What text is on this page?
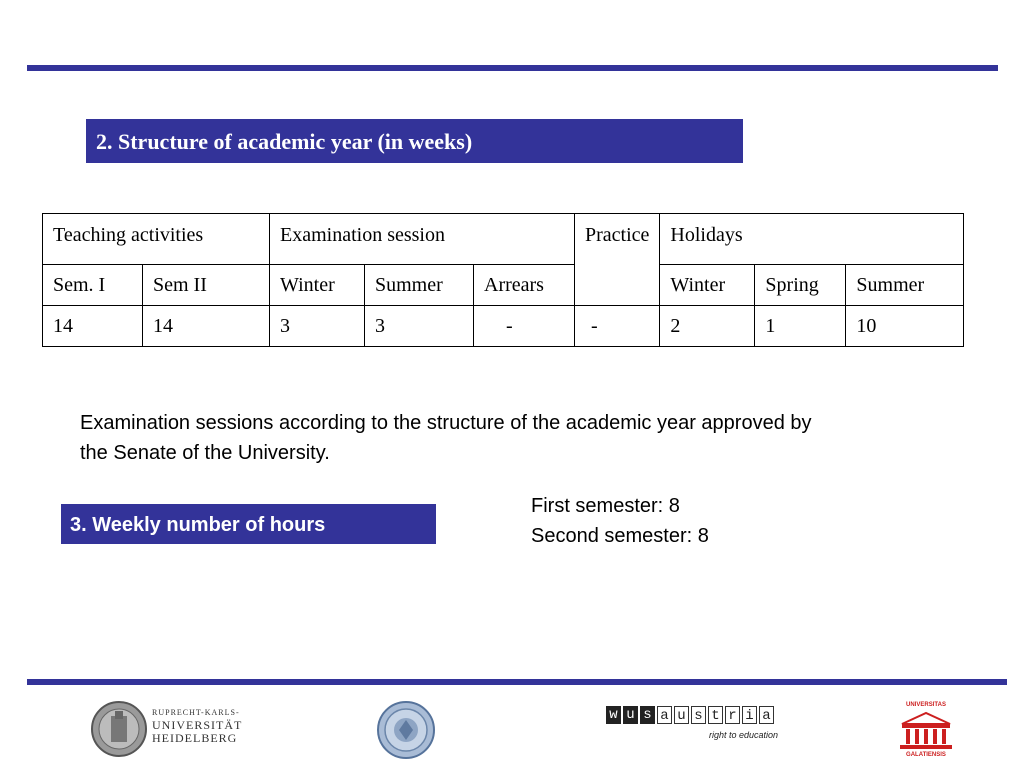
2. Structure of academic year (in weeks)
Teaching activities		Examination session			Practice	Holidays		
Sem. I	Sem II	Winter	Summer	Arrears		Winter	Spring	Summer
14	14	3	3	-	-	2	1	10
Examination sessions according to the structure of the academic year approved by the Senate of the University.
3. Weekly number of hours
First semester: 8
Second semester: 8
RUPRECHT-KARLS-
UNIVERSITÄT
HEIDELBERG
w u s a u s t r i a
right to education
UNIVERSITAS
GALATIENSIS
